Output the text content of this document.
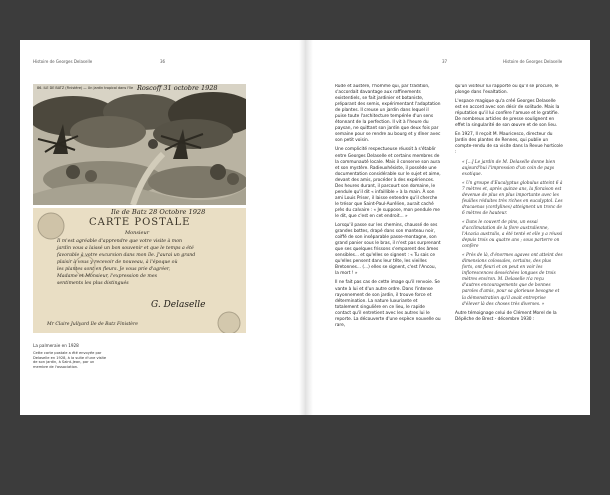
Histoire de Georges Delaselle	36
86. ILE DE BATZ (Finistère) — Un Jardin tropical dans l'île Roscoff 31 octobre 1928
Ile de Batz 28 Octobre 1928
CARTE POSTALE
Monsieur
Il m'est agréable d'apprendre que votre visite à mon
jardin vous a laissé un bon souvenir et que le temps a été
favorable à votre excursion dans mon île. J'aurai un grand
plaisir à vous y recevoir de nouveau, à l'époque où
les plantes sont en fleurs. Je vous prie d'agréer,
Madame et Monsieur, l'expression de mes
sentiments les plus distingués
G. Delaselle
Mr Claire Jullyard Ile de Batz Finistère
La palmeraie en 1928
Cette carte postale a été envoyée par Delaselle en 1928, à la suite d'une visite de son jardin, à Saint-Jean, par un membre de l'association.
37	Histoire de Georges Delaselle

Rude et austère, l'homme qui, par tradition, s'accordait davantage aux raffinements existentiels, se fait jardinier et botaniste, préparant des semis, expérimentant l'adaptation de plantes. Il creuse un jardin dans lequel il puise toute l'architecture tempérée d'un sens étonnant de la perfection. Il vit à l'heure du paysan, ne quittant son jardin que deux fois par semaine pour se rendre au bourg et y dîner avec son petit voisin.

Une complicité respectueuse réussit à s'établir entre Georges Delaselle et certains membres de la communauté locale. Mais il conserve son aura et son mystère. Radieuxhésiste, il possède une documentation considérable sur le sujet et aime, devant des amis, procéder à des expériences. Des heures durant, il parcourt son domaine, le pendule qu'il dit « infaillible » à la main. À son ami Louis Priser, il laisse entendre qu'il cherche le trésor que Saint-Paul-Aurélien, aurait caché près du calvaire : « Je suppose, mon pendule me le dit, que c'est en cet endroit... »

Lorsqu'il passe sur les chemins, chaussé de ses grandes bottes, drapé dans son manteau noir, coiffé de son inséparable passe-montagne, son grand panier sous le bras, il n'est pas surprenant que ses quelques frissons s'emparent des âmes sensibles... et qu'elles se signent : « Tu sais ce qu'elles pensent dans leur tête, les vieilles Bretonnes... (...) elles se signent, c'est l'Ancou, la mort ! »

Il ne fait pas cas de cette image qu'il renvoie. Se vante à lui et d'un autre ordre. Dans l'intense rayonnement de son jardin, il trouve force et détermination. La nature luxuriante et totalement singulière en ce lieu, le rapide contact qu'il entretient avec les autres lui le reporte. La découverte d'une espèce nouvelle ou rare,

qu'un visiteur lui rapporte ou qu'il se procure, le plonge dans l'exaltation.

L'espace magique qu'a créé Georges Delaselle est en accord avec son désir de solitude. Mais la réputation qu'il lui confère l'amuse et le gratifie. De nombreux articles de presse soulignent en effet la singularité de son œuvre et de son lieu.

En 1927, Il reçoit M. Mauricesco, directeur du Jardin des plantes de Rennes, qui publie un compte-rendu de sa visite dans la Revue horticole :

« [...] Le jardin de M. Delaselle donne bien aujourd'hui l'impression d'un coin de pays exotique.

« Un groupe d'Eucalyptus globulus atteint 6 à 7 mètres et, après quinze ans, la floraison est devenue de plus en plus importante avec les feuilles réduites très riches en eucalyptol. Les dracaenas (cordylines) atteignent un tronc de 6 mètres de hauteur.

« Dans le couvert de pins, un essai d'acclimatation de la flore australienne, l'Acacia australis, a été tenté et elle y a réussi depuis trois ou quatre ans ; sous parterre on confère

« Près de là, d'énormes agaves ont atteint des dimensions colossales, certains, des plus forts, ont fleuri et on peut en voir les inflorescences desséchées longues de trois mètres environ. M. Delaselle n'a reçu d'autres encouragements que de bonnes paroles d'amis, pour sa glorieuse besogne et la démonstration qu'il avait entreprise d'élever là des choses très diverses. »

Autre témoignage celui de Clément Morel de la Dépêche de Brest - décembre 1930 :
